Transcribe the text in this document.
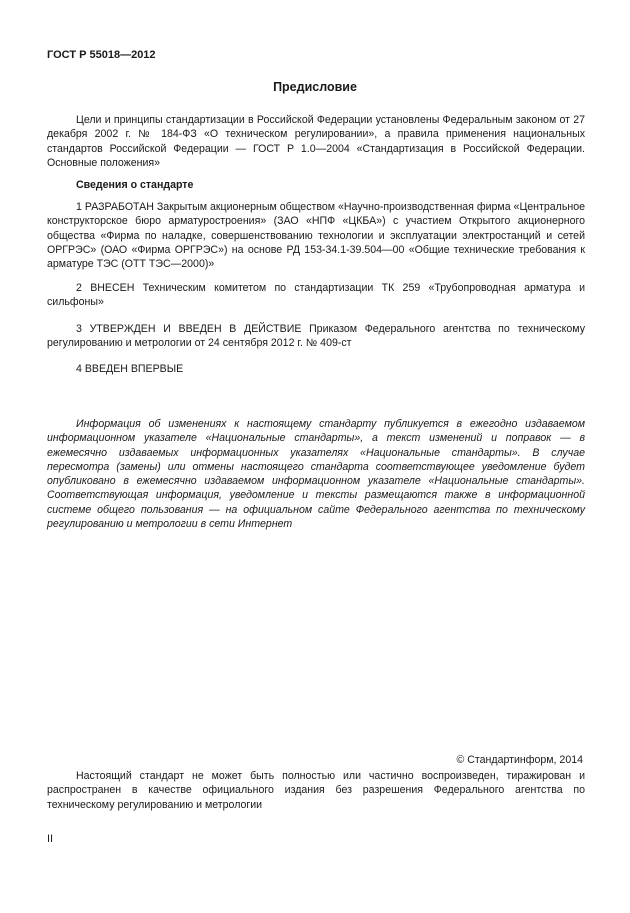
ГОСТ Р 55018—2012
Предисловие
Цели и принципы стандартизации в Российской Федерации установлены Федеральным законом от 27 декабря 2002 г. № 184-ФЗ «О техническом регулировании», а правила применения национальных стандартов Российской Федерации — ГОСТ Р 1.0—2004 «Стандартизация в Российской Федерации. Основные положения»
Сведения о стандарте
1 РАЗРАБОТАН Закрытым акционерным обществом «Научно-производственная фирма «Центральное конструкторское бюро арматуростроения» (ЗАО «НПФ «ЦКБА») с участием Открытого акционерного общества «Фирма по наладке, совершенствованию технологии и эксплуатации электростанций и сетей ОРГРЭС» (ОАО «Фирма ОРГРЭС») на основе РД 153-34.1-39.504—00 «Общие технические требования к арматуре ТЭС (ОТТ ТЭС—2000)»
2 ВНЕСЕН Техническим комитетом по стандартизации ТК 259 «Трубопроводная арматура и сильфоны»
3 УТВЕРЖДЕН И ВВЕДЕН В ДЕЙСТВИЕ Приказом Федерального агентства по техническому регулированию и метрологии от 24 сентября 2012 г. № 409-ст
4 ВВЕДЕН ВПЕРВЫЕ
Информация об изменениях к настоящему стандарту публикуется в ежегодно издаваемом информационном указателе «Национальные стандарты», а текст изменений и поправок — в ежемесячно издаваемых информационных указателях «Национальные стандарты». В случае пересмотра (замены) или отмены настоящего стандарта соответствующее уведомление будет опубликовано в ежемесячно издаваемом информационном указателе «Национальные стандарты». Соответствующая информация, уведомление и тексты размещаются также в информационной системе общего пользования — на официальном сайте Федерального агентства по техническому регулированию и метрологии в сети Интернет
© Стандартинформ, 2014
Настоящий стандарт не может быть полностью или частично воспроизведен, тиражирован и распространен в качестве официального издания без разрешения Федерального агентства по техническому регулированию и метрологии
II
